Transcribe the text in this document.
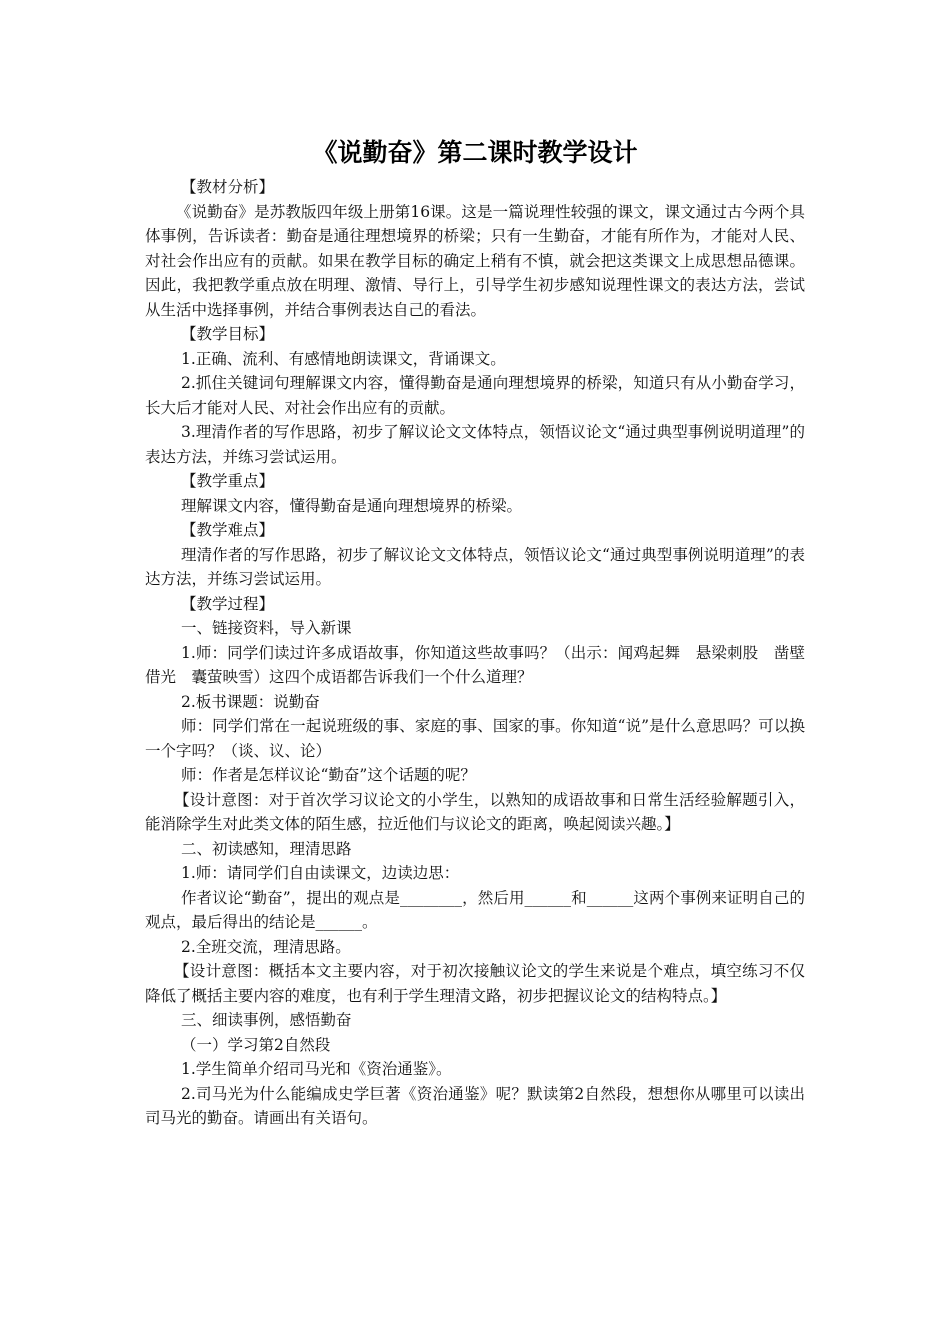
《说勤奋》第二课时教学设计

【教材分析】

《说勤奋》是苏教版四年级上册第16课。这是一篇说理性较强的课文，课文通过古今两个具体事例，告诉读者：勤奋是通往理想境界的桥梁；只有一生勤奋，才能有所作为，才能对人民、对社会作出应有的贡献。如果在教学目标的确定上稍有不慎，就会把这类课文上成思想品德课。因此，我把教学重点放在明理、激情、导行上，引导学生初步感知说理性课文的表达方法，尝试从生活中选择事例，并结合事例表达自己的看法。

【教学目标】

1.正确、流利、有感情地朗读课文，背诵课文。

2.抓住关键词句理解课文内容，懂得勤奋是通向理想境界的桥梁，知道只有从小勤奋学习，长大后才能对人民、对社会作出应有的贡献。

3.理清作者的写作思路，初步了解议论文文体特点，领悟议论文“通过典型事例说明道理”的表达方法，并练习尝试运用。

【教学重点】

理解课文内容，懂得勤奋是通向理想境界的桥梁。

【教学难点】

理清作者的写作思路，初步了解议论文文体特点，领悟议论文“通过典型事例说明道理”的表达方法，并练习尝试运用。

【教学过程】

一、链接资料，导入新课

1.师：同学们读过许多成语故事，你知道这些故事吗？（出示：闻鸡起舞　悬梁刺股　凿壁借光　囊萤映雪）这四个成语都告诉我们一个什么道理？

2.板书课题：说勤奋

师：同学们常在一起说班级的事、家庭的事、国家的事。你知道“说”是什么意思吗？可以换一个字吗？（谈、议、论）

师：作者是怎样议论“勤奋”这个话题的呢？

【设计意图：对于首次学习议论文的小学生，以熟知的成语故事和日常生活经验解题引入，能消除学生对此类文体的陌生感，拉近他们与议论文的距离，唤起阅读兴趣。】

二、初读感知，理清思路

1.师：请同学们自由读课文，边读边思：

作者议论“勤奋”，提出的观点是________，然后用______和______这两个事例来证明自己的观点，最后得出的结论是______。

2.全班交流，理清思路。

【设计意图：概括本文主要内容，对于初次接触议论文的学生来说是个难点，填空练习不仅降低了概括主要内容的难度，也有利于学生理清文路，初步把握议论文的结构特点。】

三、细读事例，感悟勤奋

（一）学习第2自然段

1.学生简单介绍司马光和《资治通鉴》。

2.司马光为什么能编成史学巨著《资治通鉴》呢？默读第2自然段，想想你从哪里可以读出司马光的勤奋。请画出有关语句。
